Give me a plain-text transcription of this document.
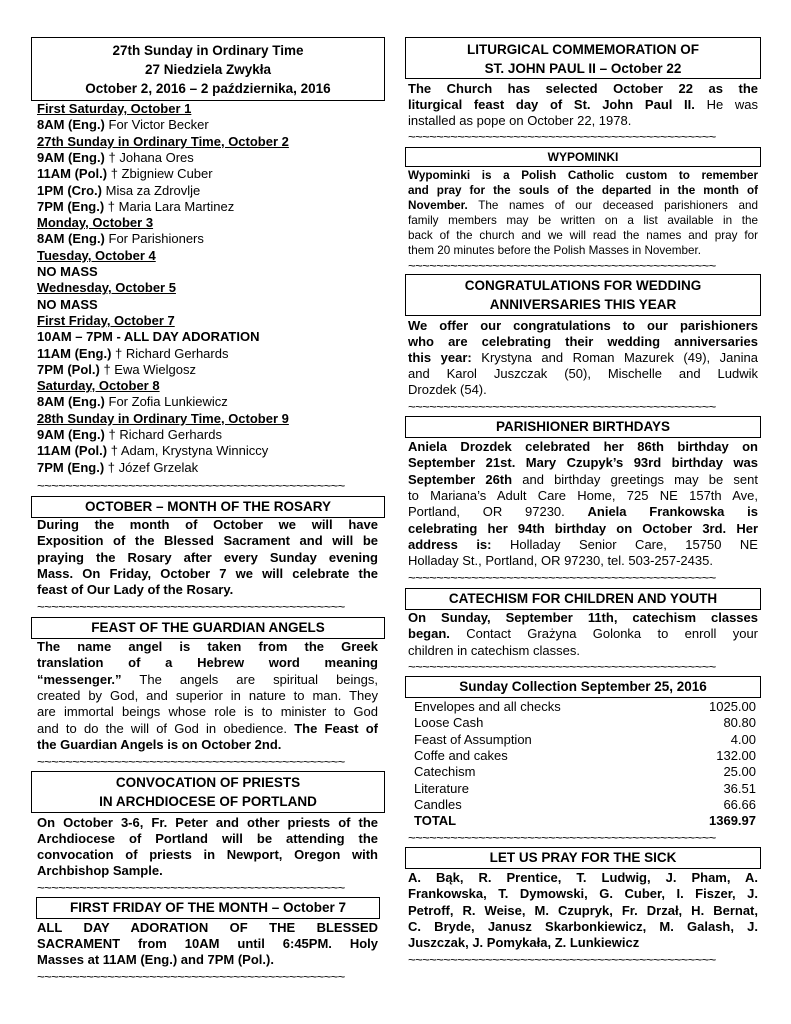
27th Sunday in Ordinary Time
27 Niedziela Zwykła
October 2, 2016 – 2 października, 2016
First Saturday, October 1
8AM (Eng.) For Victor Becker
27th Sunday in Ordinary Time, October 2
9AM (Eng.) † Johana Ores
11AM (Pol.) † Zbigniew Cuber
1PM (Cro.) Misa za Zdrovlje
7PM (Eng.) † Maria Lara Martinez
Monday, October 3
8AM (Eng.) For Parishioners
Tuesday, October 4
NO MASS
Wednesday, October 5
NO MASS
First Friday, October 7
10AM – 7PM - ALL DAY ADORATION
11AM (Eng.) † Richard Gerhards
7PM (Pol.) † Ewa Wielgosz
Saturday, October 8
8AM (Eng.) For Zofia Lunkiewicz
28th Sunday in Ordinary Time, October 9
9AM (Eng.) † Richard Gerhards
11AM (Pol.) † Adam, Krystyna Winniccy
7PM (Eng.) † Józef Grzelak
~~~~~~~~~~~~~~~~~~~~~~~~~~~~~~~~~~~~~~~~~~~~
OCTOBER – MONTH OF THE ROSARY
During the month of October we will have
Exposition of the Blessed Sacrament and will be
praying the Rosary after every Sunday evening
Mass. On Friday, October 7 we will celebrate the
feast of Our Lady of the Rosary.
~~~~~~~~~~~~~~~~~~~~~~~~~~~~~~~~~~~~~~~~~~~~
FEAST OF THE GUARDIAN ANGELS
The name angel is taken from the Greek
translation of a Hebrew word meaning
“messenger.” The angels are spiritual beings,
created by God, and superior in nature to man. They
are immortal beings whose role is to minister to God
and to do the will of God in obedience. The Feast of
the Guardian Angels is on October 2nd.
~~~~~~~~~~~~~~~~~~~~~~~~~~~~~~~~~~~~~~~~~~~~
CONVOCATION OF PRIESTS
IN ARCHDIOCESE OF PORTLAND
On October 3-6, Fr. Peter and other priests of the
Archdiocese of Portland will be attending the
convocation of priests in Newport, Oregon with
Archbishop Sample.
~~~~~~~~~~~~~~~~~~~~~~~~~~~~~~~~~~~~~~~~~~~~
FIRST FRIDAY OF THE MONTH – October 7
ALL DAY ADORATION OF THE BLESSED
SACRAMENT from 10AM until 6:45PM. Holy
Masses at 11AM (Eng.) and 7PM (Pol.).
~~~~~~~~~~~~~~~~~~~~~~~~~~~~~~~~~~~~~~~~~~~~
LITURGICAL COMMEMORATION OF
ST. JOHN PAUL II – October 22
The Church has selected October 22 as the
liturgical feast day of St. John Paul II. He was
installed as pope on October 22, 1978.
~~~~~~~~~~~~~~~~~~~~~~~~~~~~~~~~~~~~~~~~~~~~
WYPOMINKI
Wypominki is a Polish Catholic custom to remember
and pray for the souls of the departed in the month of
November. The names of our deceased parishioners and
family members may be written on a list available in the
back of the church and we will read the names and pray for
them 20 minutes before the Polish Masses in November.
~~~~~~~~~~~~~~~~~~~~~~~~~~~~~~~~~~~~~~~~~~~~
CONGRATULATIONS FOR WEDDING
ANNIVERSARIES THIS YEAR
We offer our congratulations to our parishioners
who are celebrating their wedding anniversaries
this year: Krystyna and Roman Mazurek (49), Janina
and Karol Juszczak (50), Mischelle and Ludwik
Drozdek (54).
~~~~~~~~~~~~~~~~~~~~~~~~~~~~~~~~~~~~~~~~~~~~
PARISHIONER BIRTHDAYS
Aniela Drozdek celebrated her 86th birthday on
September 21st. Mary Czupyk’s 93rd birthday was
September 26th and birthday greetings may be sent
to Mariana’s Adult Care Home, 725 NE 157th Ave,
Portland, OR 97230. Aniela Frankowska is
celebrating her 94th birthday on October 3rd. Her
address is: Holladay Senior Care, 15750 NE
Holladay St., Portland, OR 97230, tel. 503-257-2435.
~~~~~~~~~~~~~~~~~~~~~~~~~~~~~~~~~~~~~~~~~~~~
CATECHISM FOR CHILDREN AND YOUTH
On Sunday, September 11th, catechism classes
began. Contact Grażyna Golonka to enroll your
children in catechism classes.
~~~~~~~~~~~~~~~~~~~~~~~~~~~~~~~~~~~~~~~~~~~~
Sunday Collection September 25, 2016
Envelopes and all checks	1025.00
Loose Cash	80.80
Feast of Assumption	4.00
Coffe and cakes	132.00
Catechism	25.00
Literature	36.51
Candles	66.66
TOTAL	1369.97
~~~~~~~~~~~~~~~~~~~~~~~~~~~~~~~~~~~~~~~~~~~~
LET US PRAY FOR THE SICK
A. Bąk, R. Prentice, T. Ludwig, J. Pham, A.
Frankowska, T. Dymowski, G. Cuber, I. Fiszer, J.
Petroff, R. Weise, M. Czupryk, Fr. Drzał, H. Bernat,
C. Bryde, Janusz Skarbonkiewicz, M. Galash, J.
Juszczak, J. Pomykała, Z. Lunkiewicz
~~~~~~~~~~~~~~~~~~~~~~~~~~~~~~~~~~~~~~~~~~~~
